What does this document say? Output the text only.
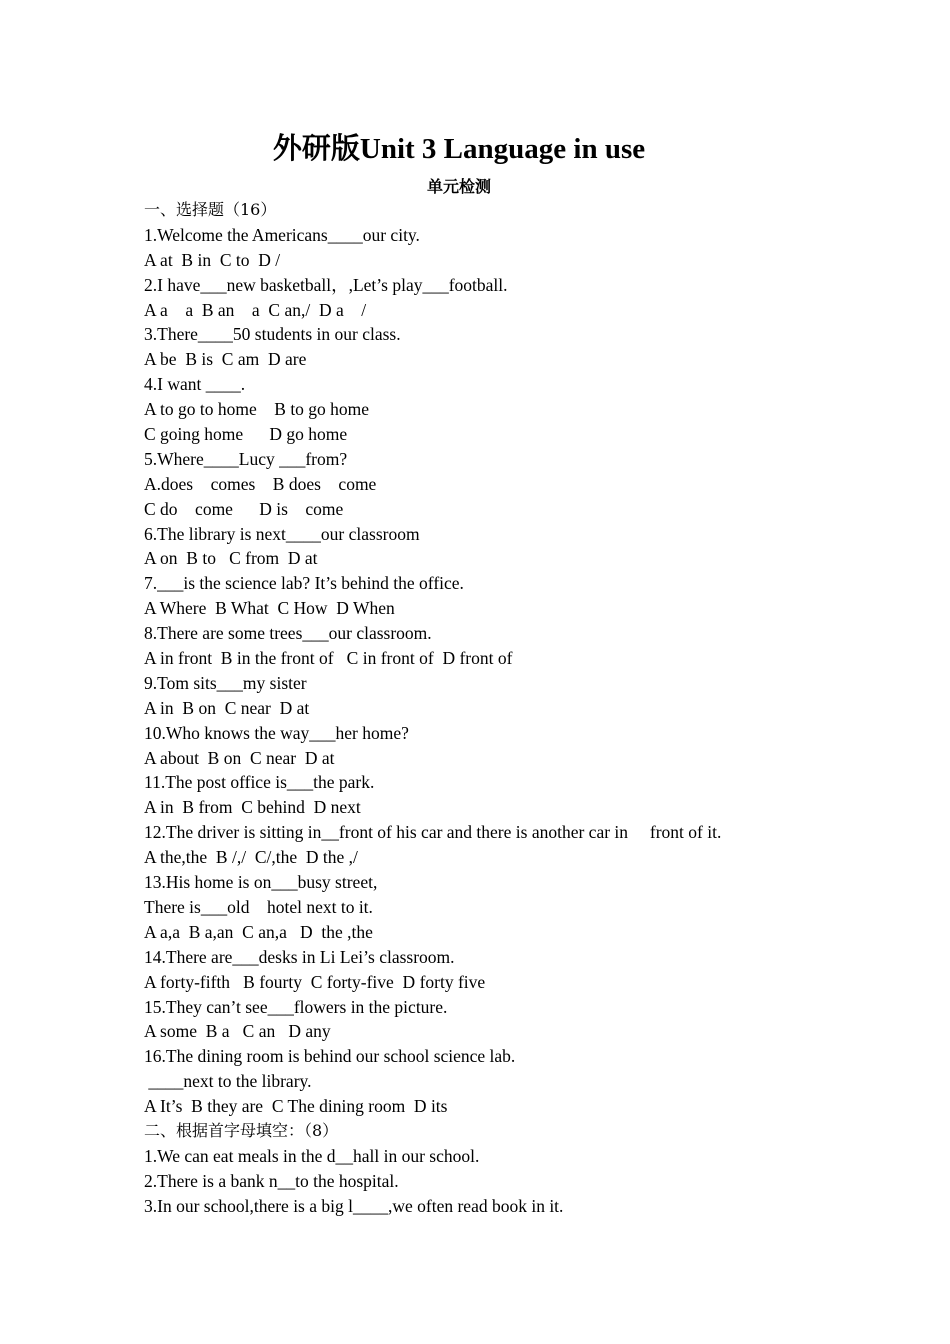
外研版Unit 3 Language in use
单元检测
一、选择题（16）
1.Welcome the Americans____our city.
A at  B in  C to  D /
2.I have___new basketball，,Let’s play___football.
A a    a  B an    a  C an,/  D a    /
3.There____50 students in our class.
A be  B is  C am  D are
4.I want ____.
A to go to home    B to go home
C going home      D go home
5.Where____Lucy ___from?
A.does    comes    B does    come
C do    come      D is    come
6.The library is next____our classroom
A on  B to   C from  D at
7.___is the science lab? It’s behind the office.
A Where  B What  C How  D When
8.There are some trees___our classroom.
A in front  B in the front of   C in front of  D front of
9.Tom sits___my sister
A in  B on  C near  D at
10.Who knows the way___her home?
A about  B on  C near  D at
11.The post office is___the park.
A in  B from  C behind  D next
12.The driver is sitting in__front of his car and there is another car in     front of it.
A the,the  B /,/  C/,the  D the ,/
13.His home is on___busy street,
There is___old    hotel next to it.
A a,a  B a,an  C an,a   D  the ,the
14.There are___desks in Li Lei’s classroom.
A forty-fifth   B fourty  C forty-five  D forty five
15.They can’t see___flowers in the picture.
A some  B a   C an   D any
16.The dining room is behind our school science lab.
____next to the library.
A It’s  B they are  C The dining room  D its
二、根据首字母填空：（8）
1.We can eat meals in the d__hall in our school.
2.There is a bank n__to the hospital.
3.In our school,there is a big l____,we often read book in it.
